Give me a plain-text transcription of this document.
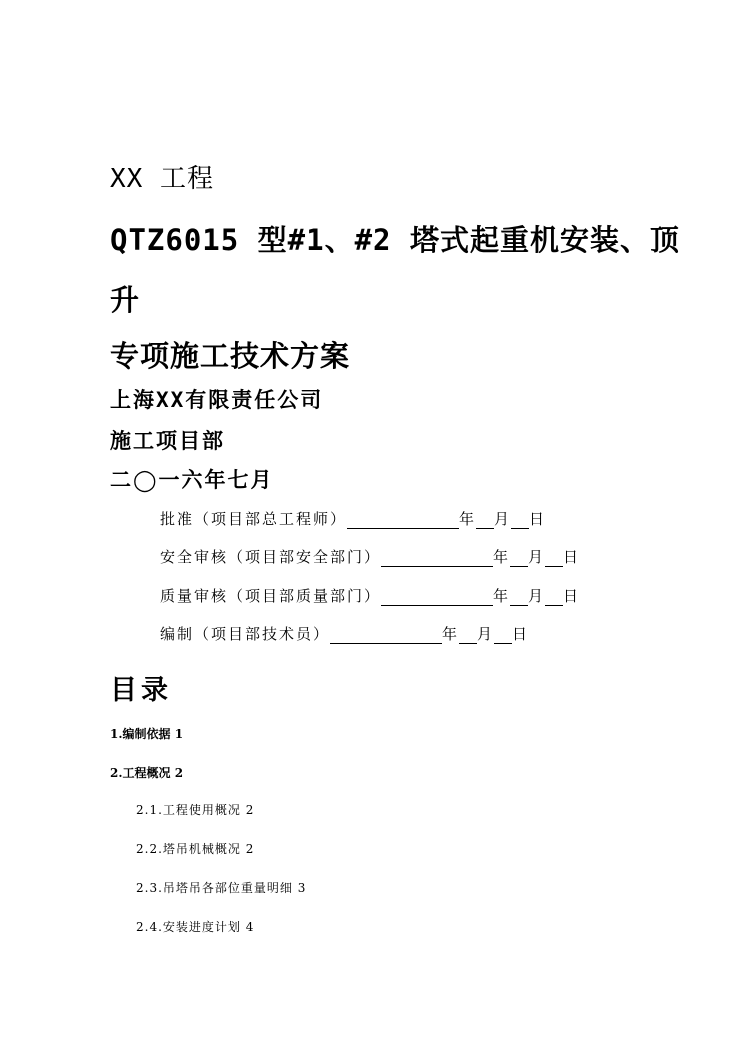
XX 工程
QTZ6015 型#1、#2 塔式起重机安装、顶
升
专项施工技术方案
上海XX有限责任公司
施工项目部
二◯一六年七月
批准（项目部总工程师）	年 月 日
安全审核（项目部安全部门）	年 月 日
质量审核（项目部质量部门）	年 月 日
编制（项目部技术员）	年 月 日
目录
1.编制依据 1
2.工程概况 2
2.1.工程使用概况 2
2.2.塔吊机械概况 2
2.3.吊塔吊各部位重量明细 3
2.4.安装进度计划 4
